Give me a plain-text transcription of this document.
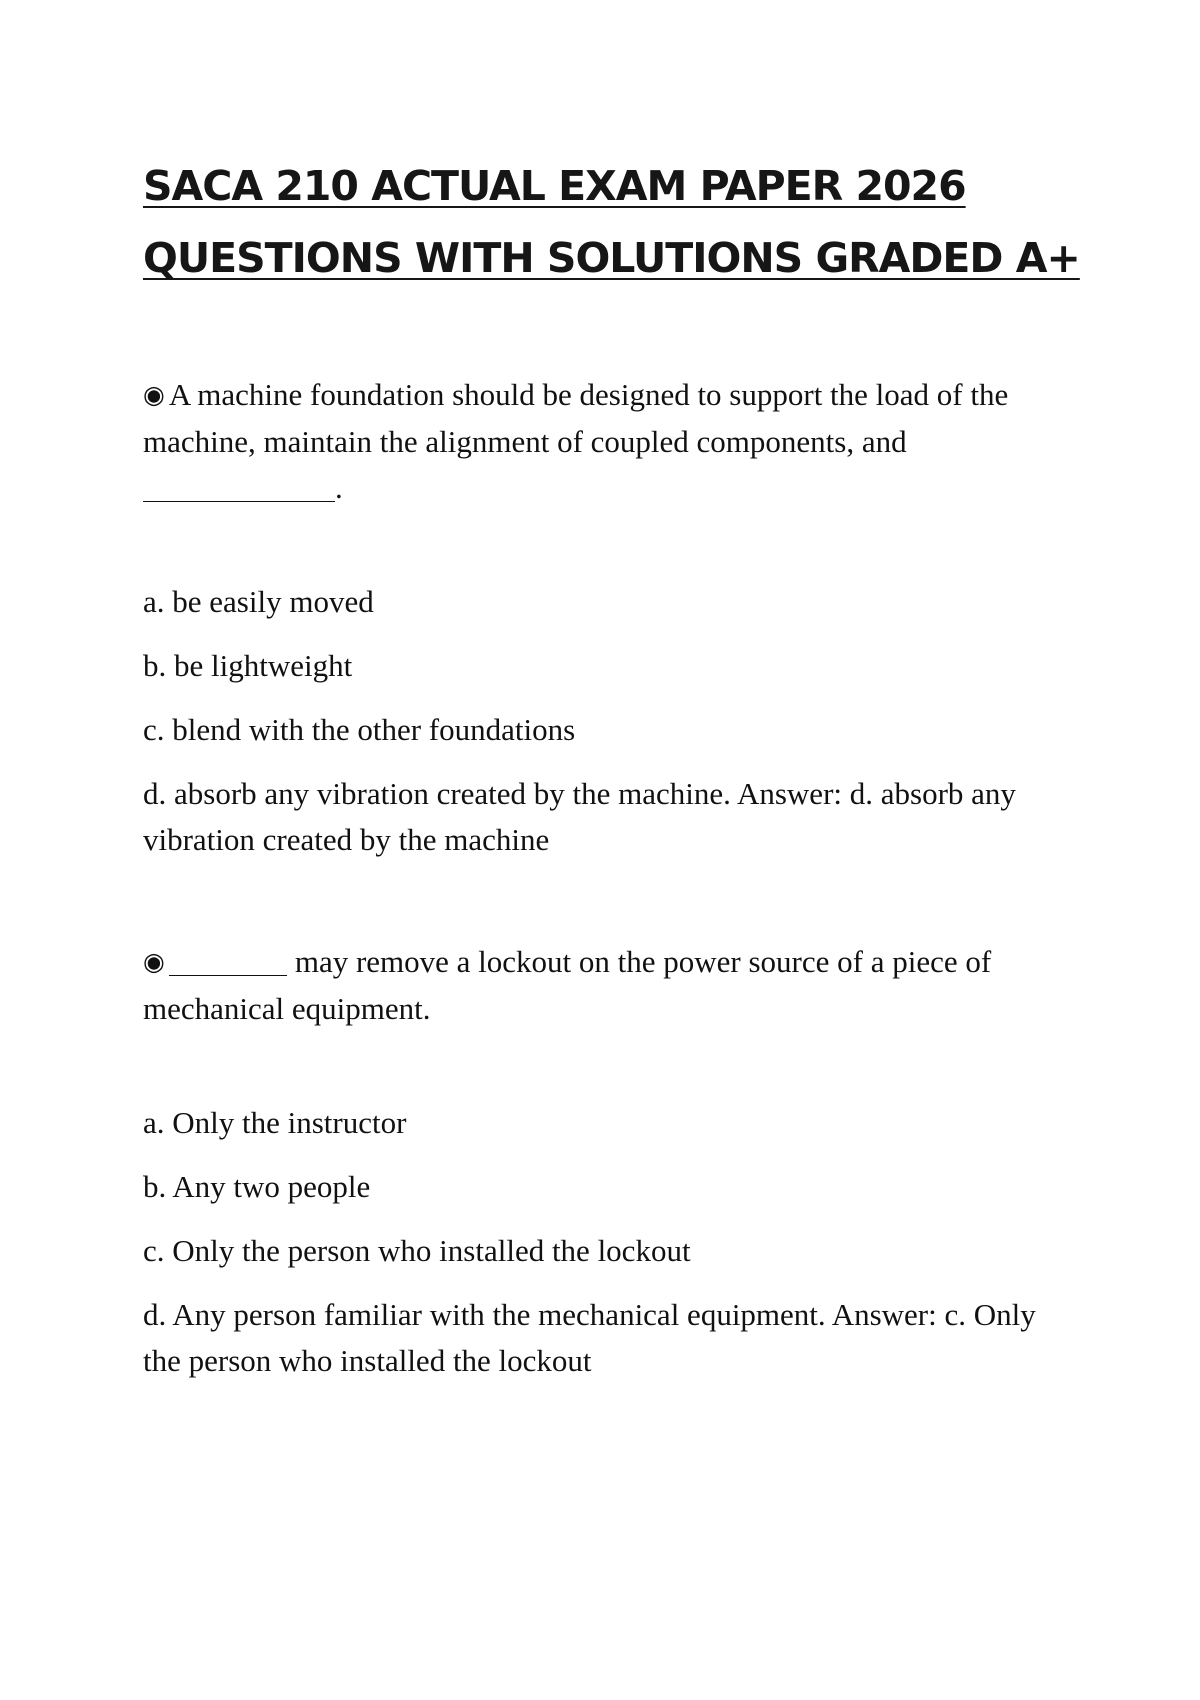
SACA 210 ACTUAL EXAM PAPER 2026
QUESTIONS WITH SOLUTIONS GRADED A+

◉ A machine foundation should be designed to support the load of the machine, maintain the alignment of coupled components, and
.

a. be easily moved
b. be lightweight
c. blend with the other foundations
d. absorb any vibration created by the machine. Answer: d. absorb any vibration created by the machine

◉	may remove a lockout on the power source of a piece of mechanical equipment.

a. Only the instructor
b. Any two people
c. Only the person who installed the lockout
d. Any person familiar with the mechanical equipment. Answer: c. Only the person who installed the lockout
